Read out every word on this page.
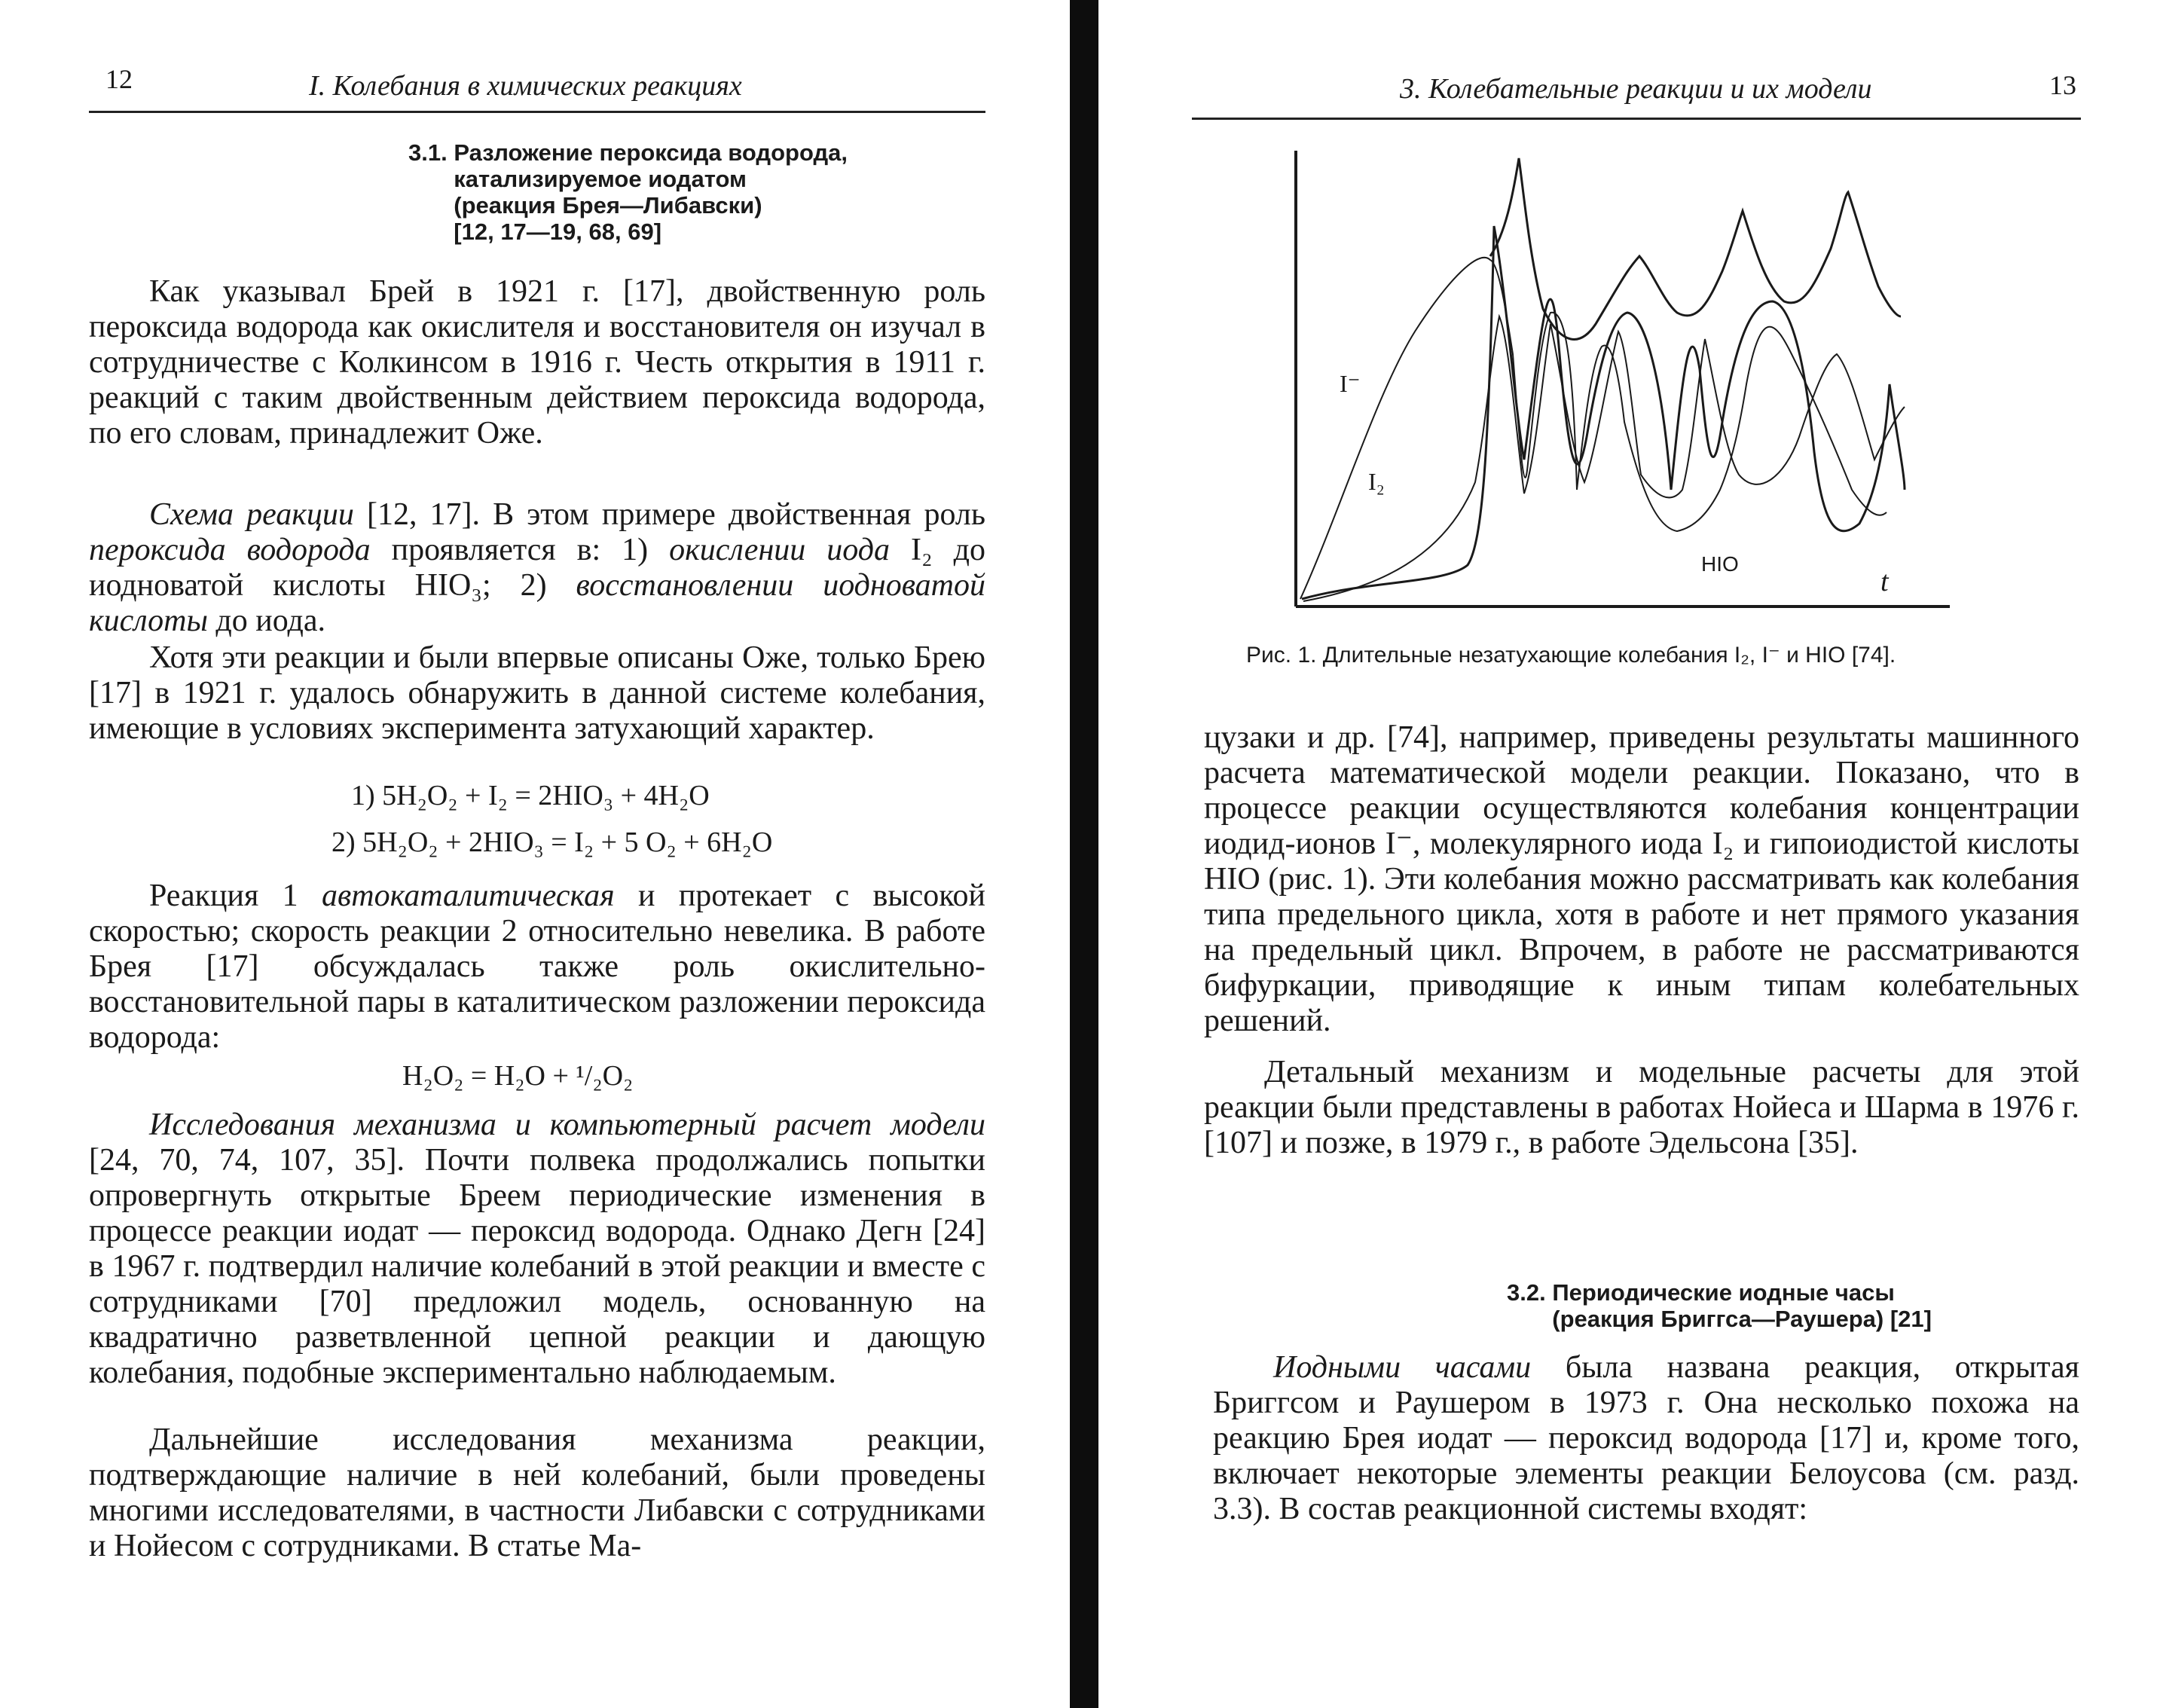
12	I. Колебания в химических реакциях
3.1. Разложение пероксида водорода,
катализируемое иодатом
(реакция Брея—Либавски)
[12, 17—19, 68, 69]

Как указывал Брей в 1921 г. [17], двойственную роль пероксида водорода как окислителя и восстановителя он изучал в сотрудничестве с Колкинсом в 1916 г. Честь открытия в 1911 г. реакций с таким двойственным действием пероксида водорода, по его словам, принадлежит Оже.

Схема реакции [12, 17]. В этом примере двойственная роль пероксида водорода проявляется в: 1) окислении иода I₂ до иодноватой кислоты HIO₃; 2) восстановлении иодноватой кислоты до иода.

Хотя эти реакции и были впервые описаны Оже, только Брею [17] в 1921 г. удалось обнаружить в данной системе колебания, имеющие в условиях эксперимента затухающий характер.

1) 5H₂O₂ + I₂ = 2HIO₃ + 4H₂O
2) 5H₂O₂ + 2HIO₃ = I₂ + 5 O₂ + 6H₂O

Реакция 1 автокаталитическая и протекает с высокой скоростью; скорость реакции 2 относительно невелика. В работе Брея [17] обсуждалась также роль окислительно-восстановительной пары в каталитическом разложении пероксида водорода:

H₂O₂ = H₂O + ¹/₂O₂

Исследования механизма и компьютерный расчет модели [24, 70, 74, 107, 35]. Почти полвека продолжались попытки опровергнуть открытые Бреем периодические изменения в процессе реакции иодат — пероксид водорода. Однако Дегн [24] в 1967 г. подтвердил наличие колебаний в этой реакции и вместе с сотрудниками [70] предложил модель, основанную на квадратично разветвленной цепной реакции и дающую колебания, подобные экспериментально наблюдаемым.

Дальнейшие исследования механизма реакции, подтверждающие наличие в ней колебаний, были проведены многими исследователями, в частности Либавски с сотрудниками и Нойесом с сотрудниками. В статье Ма-

3. Колебательные реакции и их модели	13
I⁻
I₂
HIO
t
Рис. 1. Длительные незатухающие колебания I₂, I⁻ и HIO [74].

цузаки и др. [74], например, приведены результаты машинного расчета математической модели реакции. Показано, что в процессе реакции осуществляются колебания концентрации иодид-ионов I⁻, молекулярного иода I₂ и гипоиодистой кислоты HIO (рис. 1). Эти колебания можно рассматривать как колебания типа предельного цикла, хотя в работе и нет прямого указания на предельный цикл. Впрочем, в работе не рассматриваются бифуркации, приводящие к иным типам колебательных решений.

Детальный механизм и модельные расчеты для этой реакции были представлены в работах Нойеса и Шарма в 1976 г. [107] и позже, в 1979 г., в работе Эдельсона [35].

3.2. Периодические иодные часы
(реакция Бриггса—Раушера) [21]

Иодными часами была названа реакция, открытая Бриггсом и Раушером в 1973 г. Она несколько похожа на реакцию Брея иодат — пероксид водорода [17] и, кроме того, включает некоторые элементы реакции Белоусова (см. разд. 3.3). В состав реакционной системы входят:
